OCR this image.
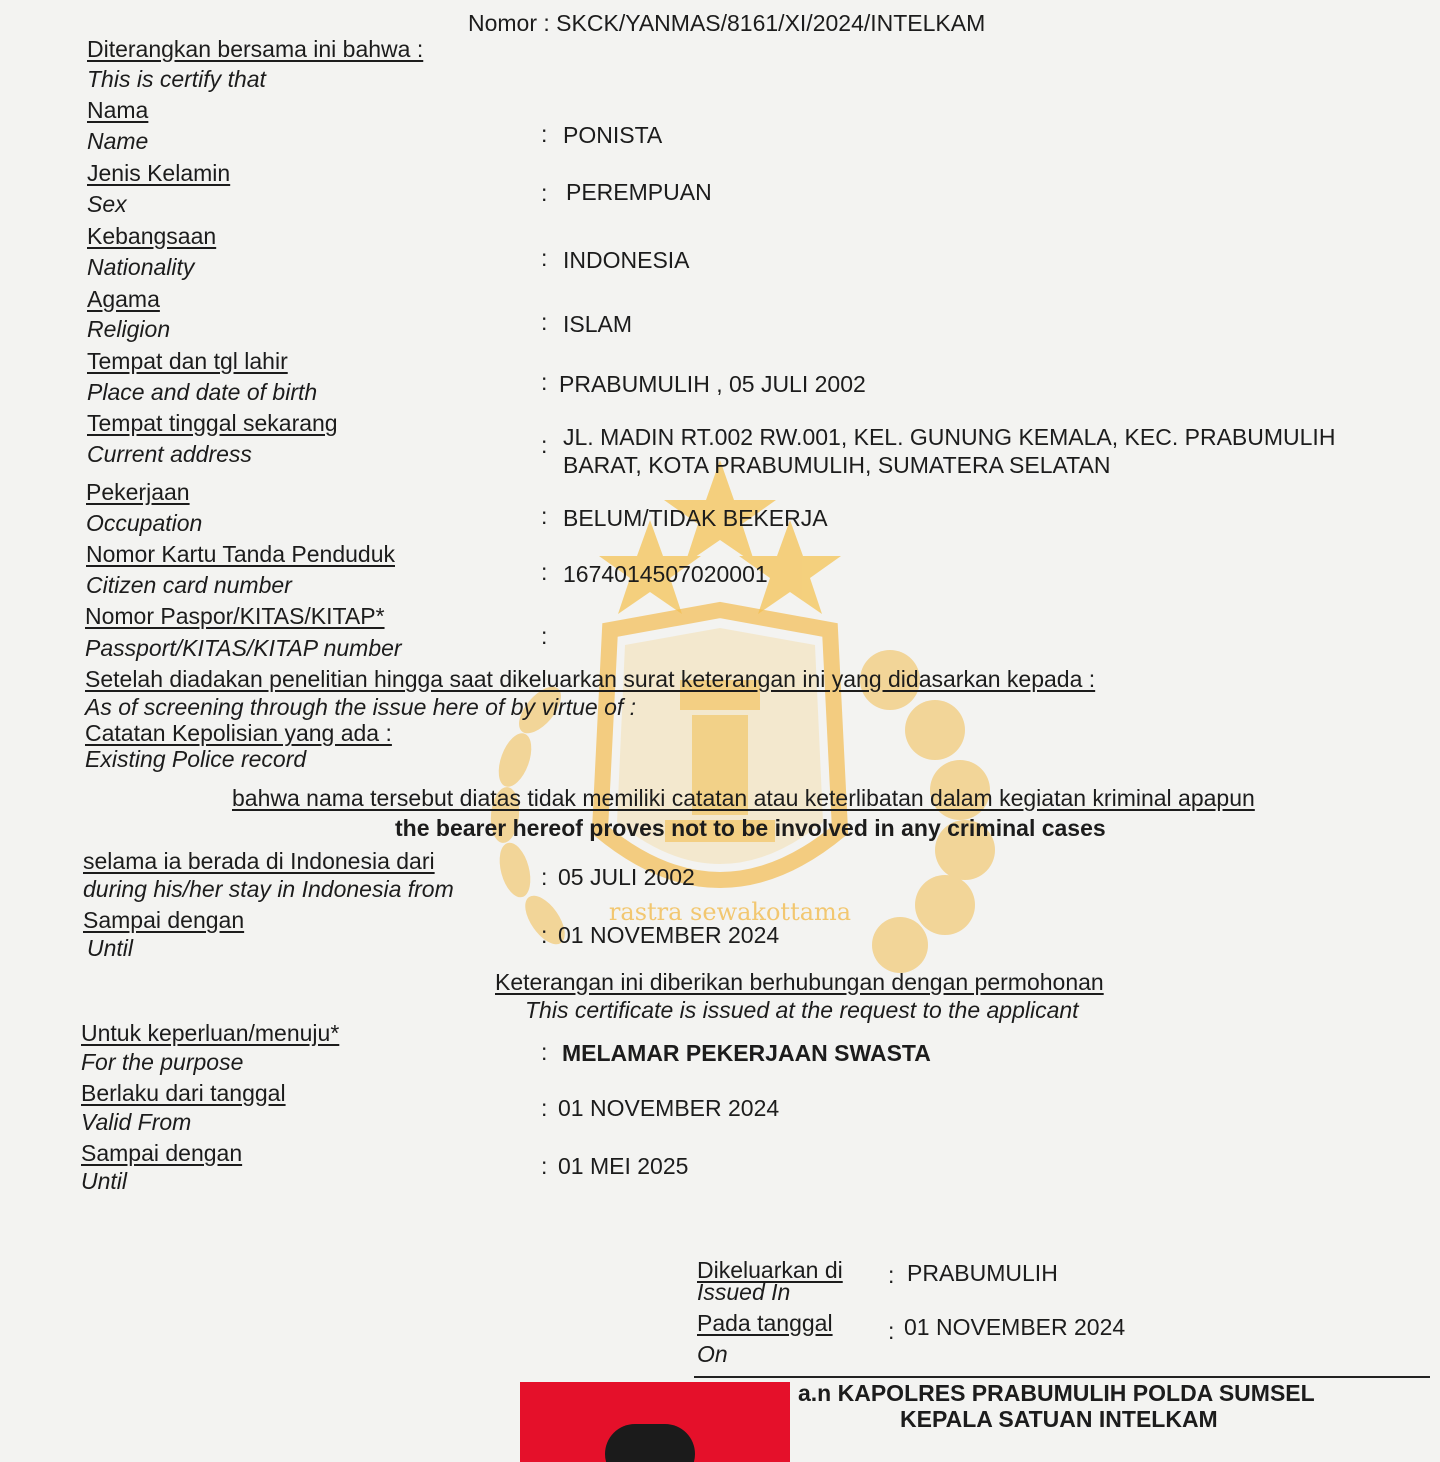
rastra sewakottama
Nomor : SKCK/YANMAS/8161/XI/2024/INTELKAM
Diterangkan bersama ini bahwa :
This is certify that
Nama
Name	: PONISTA
Jenis Kelamin
Sex	: PEREMPUAN
Kebangsaan
Nationality	: INDONESIA
Agama
Religion	: ISLAM
Tempat dan tgl lahir
Place and date of birth	: PRABUMULIH , 05 JULI 2002
Tempat tinggal sekarang
Current address	: JL. MADIN RT.002 RW.001, KEL. GUNUNG KEMALA, KEC. PRABUMULIH
BARAT, KOTA PRABUMULIH, SUMATERA SELATAN
Pekerjaan
Occupation	: BELUM/TIDAK BEKERJA
Nomor Kartu Tanda Penduduk
Citizen card number	: 1674014507020001
Nomor Paspor/KITAS/KITAP*
Passport/KITAS/KITAP number	:
Setelah diadakan penelitian hingga saat dikeluarkan surat keterangan ini yang didasarkan kepada :
As of screening through the issue here of by virtue of :
Catatan Kepolisian yang ada :
Existing Police record
bahwa nama tersebut diatas tidak memiliki catatan atau keterlibatan dalam kegiatan kriminal apapun
the bearer hereof proves not to be involved in any criminal cases
selama ia berada di Indonesia dari
during his/her stay in Indonesia from	: 05 JULI 2002
Sampai dengan
Until	: 01 NOVEMBER 2024
Keterangan ini diberikan berhubungan dengan permohonan
This certificate is issued at the request to the applicant
Untuk keperluan/menuju*
For the purpose	: MELAMAR PEKERJAAN SWASTA
Berlaku dari tanggal
Valid From
: 01 NOVEMBER 2024
Sampai dengan
Until
: 01 MEI 2025
Dikeluarkan di
Issued In
: PRABUMULIH
Pada tanggal
On
: 01 NOVEMBER 2024
a.n KAPOLRES PRABUMULIH POLDA SUMSEL
KEPALA SATUAN INTELKAM
